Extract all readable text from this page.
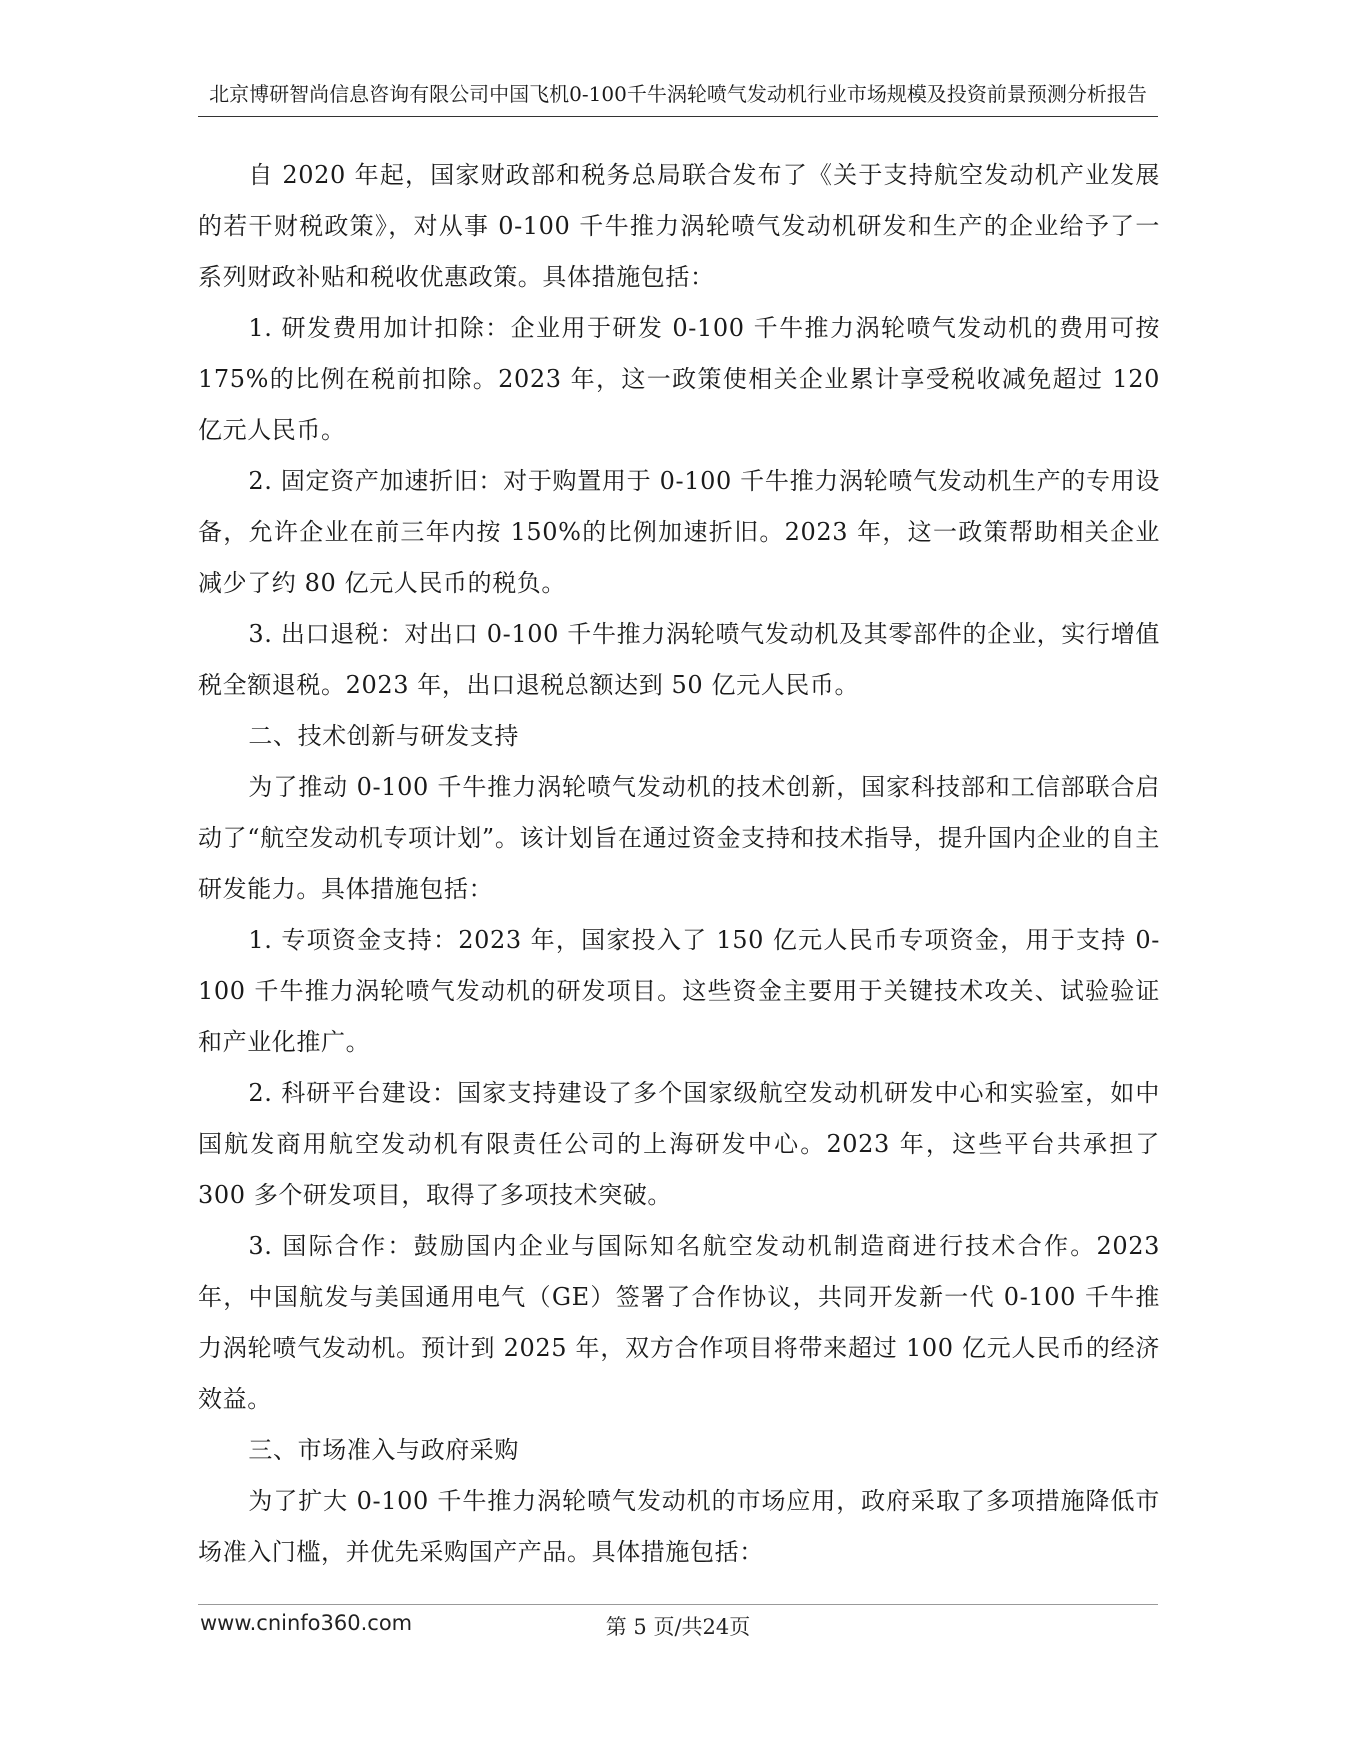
北京博研智尚信息咨询有限公司中国飞机0-100千牛涡轮喷气发动机行业市场规模及投资前景预测分析报告

自 2020 年起，国家财政部和税务总局联合发布了《关于支持航空发动机产业发展的若干财税政策》，对从事 0-100 千牛推力涡轮喷气发动机研发和生产的企业给予了一系列财政补贴和税收优惠政策。具体措施包括：

1. 研发费用加计扣除：企业用于研发 0-100 千牛推力涡轮喷气发动机的费用可按 175%的比例在税前扣除。2023 年，这一政策使相关企业累计享受税收减免超过 120 亿元人民币。

2. 固定资产加速折旧：对于购置用于 0-100 千牛推力涡轮喷气发动机生产的专用设备，允许企业在前三年内按 150%的比例加速折旧。2023 年，这一政策帮助相关企业减少了约 80 亿元人民币的税负。

3. 出口退税：对出口 0-100 千牛推力涡轮喷气发动机及其零部件的企业，实行增值税全额退税。2023 年，出口退税总额达到 50 亿元人民币。

二、技术创新与研发支持

为了推动 0-100 千牛推力涡轮喷气发动机的技术创新，国家科技部和工信部联合启动了“航空发动机专项计划”。该计划旨在通过资金支持和技术指导，提升国内企业的自主研发能力。具体措施包括：

1. 专项资金支持：2023 年，国家投入了 150 亿元人民币专项资金，用于支持 0-100 千牛推力涡轮喷气发动机的研发项目。这些资金主要用于关键技术攻关、试验验证和产业化推广。

2. 科研平台建设：国家支持建设了多个国家级航空发动机研发中心和实验室，如中国航发商用航空发动机有限责任公司的上海研发中心。2023 年，这些平台共承担了 300 多个研发项目，取得了多项技术突破。

3. 国际合作：鼓励国内企业与国际知名航空发动机制造商进行技术合作。2023 年，中国航发与美国通用电气（GE）签署了合作协议，共同开发新一代 0-100 千牛推力涡轮喷气发动机。预计到 2025 年，双方合作项目将带来超过 100 亿元人民币的经济效益。

三、市场准入与政府采购

为了扩大 0-100 千牛推力涡轮喷气发动机的市场应用，政府采取了多项措施降低市场准入门槛，并优先采购国产产品。具体措施包括：

www.cninfo360.com	第 5 页/共24页
